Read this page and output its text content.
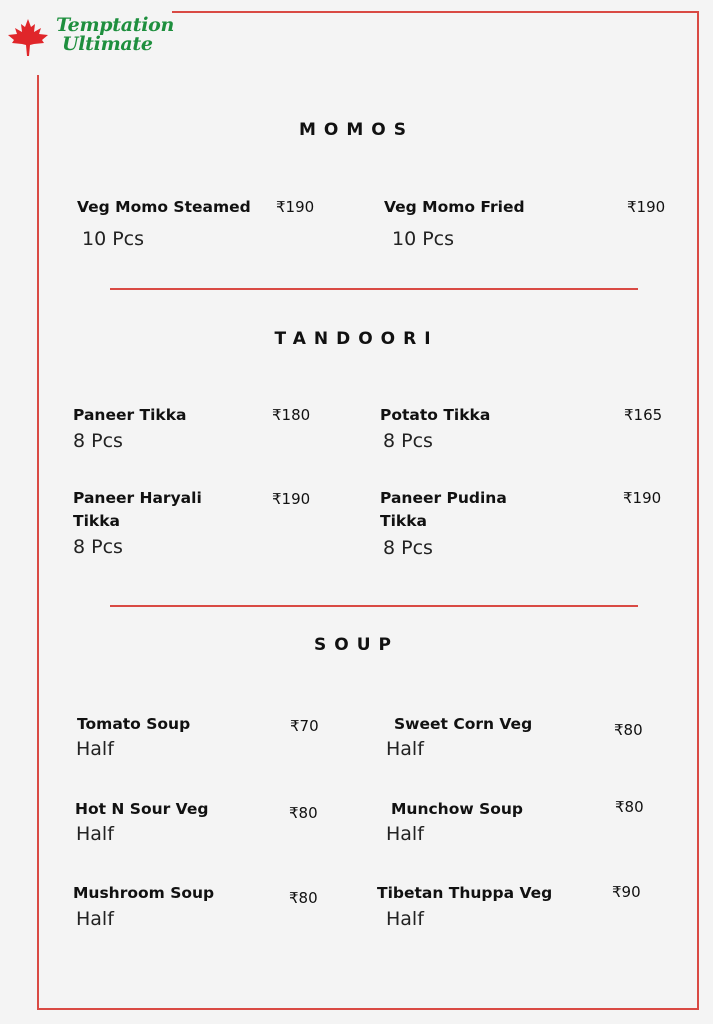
Temptation
Ultimate
MOMOS
Veg Momo Steamed ₹190
10 Pcs
Veg Momo Fried	₹190
10 Pcs
TANDOORI
Paneer Tikka	₹180
8 Pcs
Potato Tikka	₹165
8 Pcs
Paneer Haryali Tikka
₹190
8 Pcs
Paneer Pudina Tikka
₹190
8 Pcs
SOUP
Tomato Soup	₹70
Half
Sweet Corn Veg	₹80
Half
Hot N Sour Veg	₹80
Half
Munchow Soup	₹80
Half
Mushroom Soup	₹80
Half
Tibetan Thuppa Veg	₹90
Half
